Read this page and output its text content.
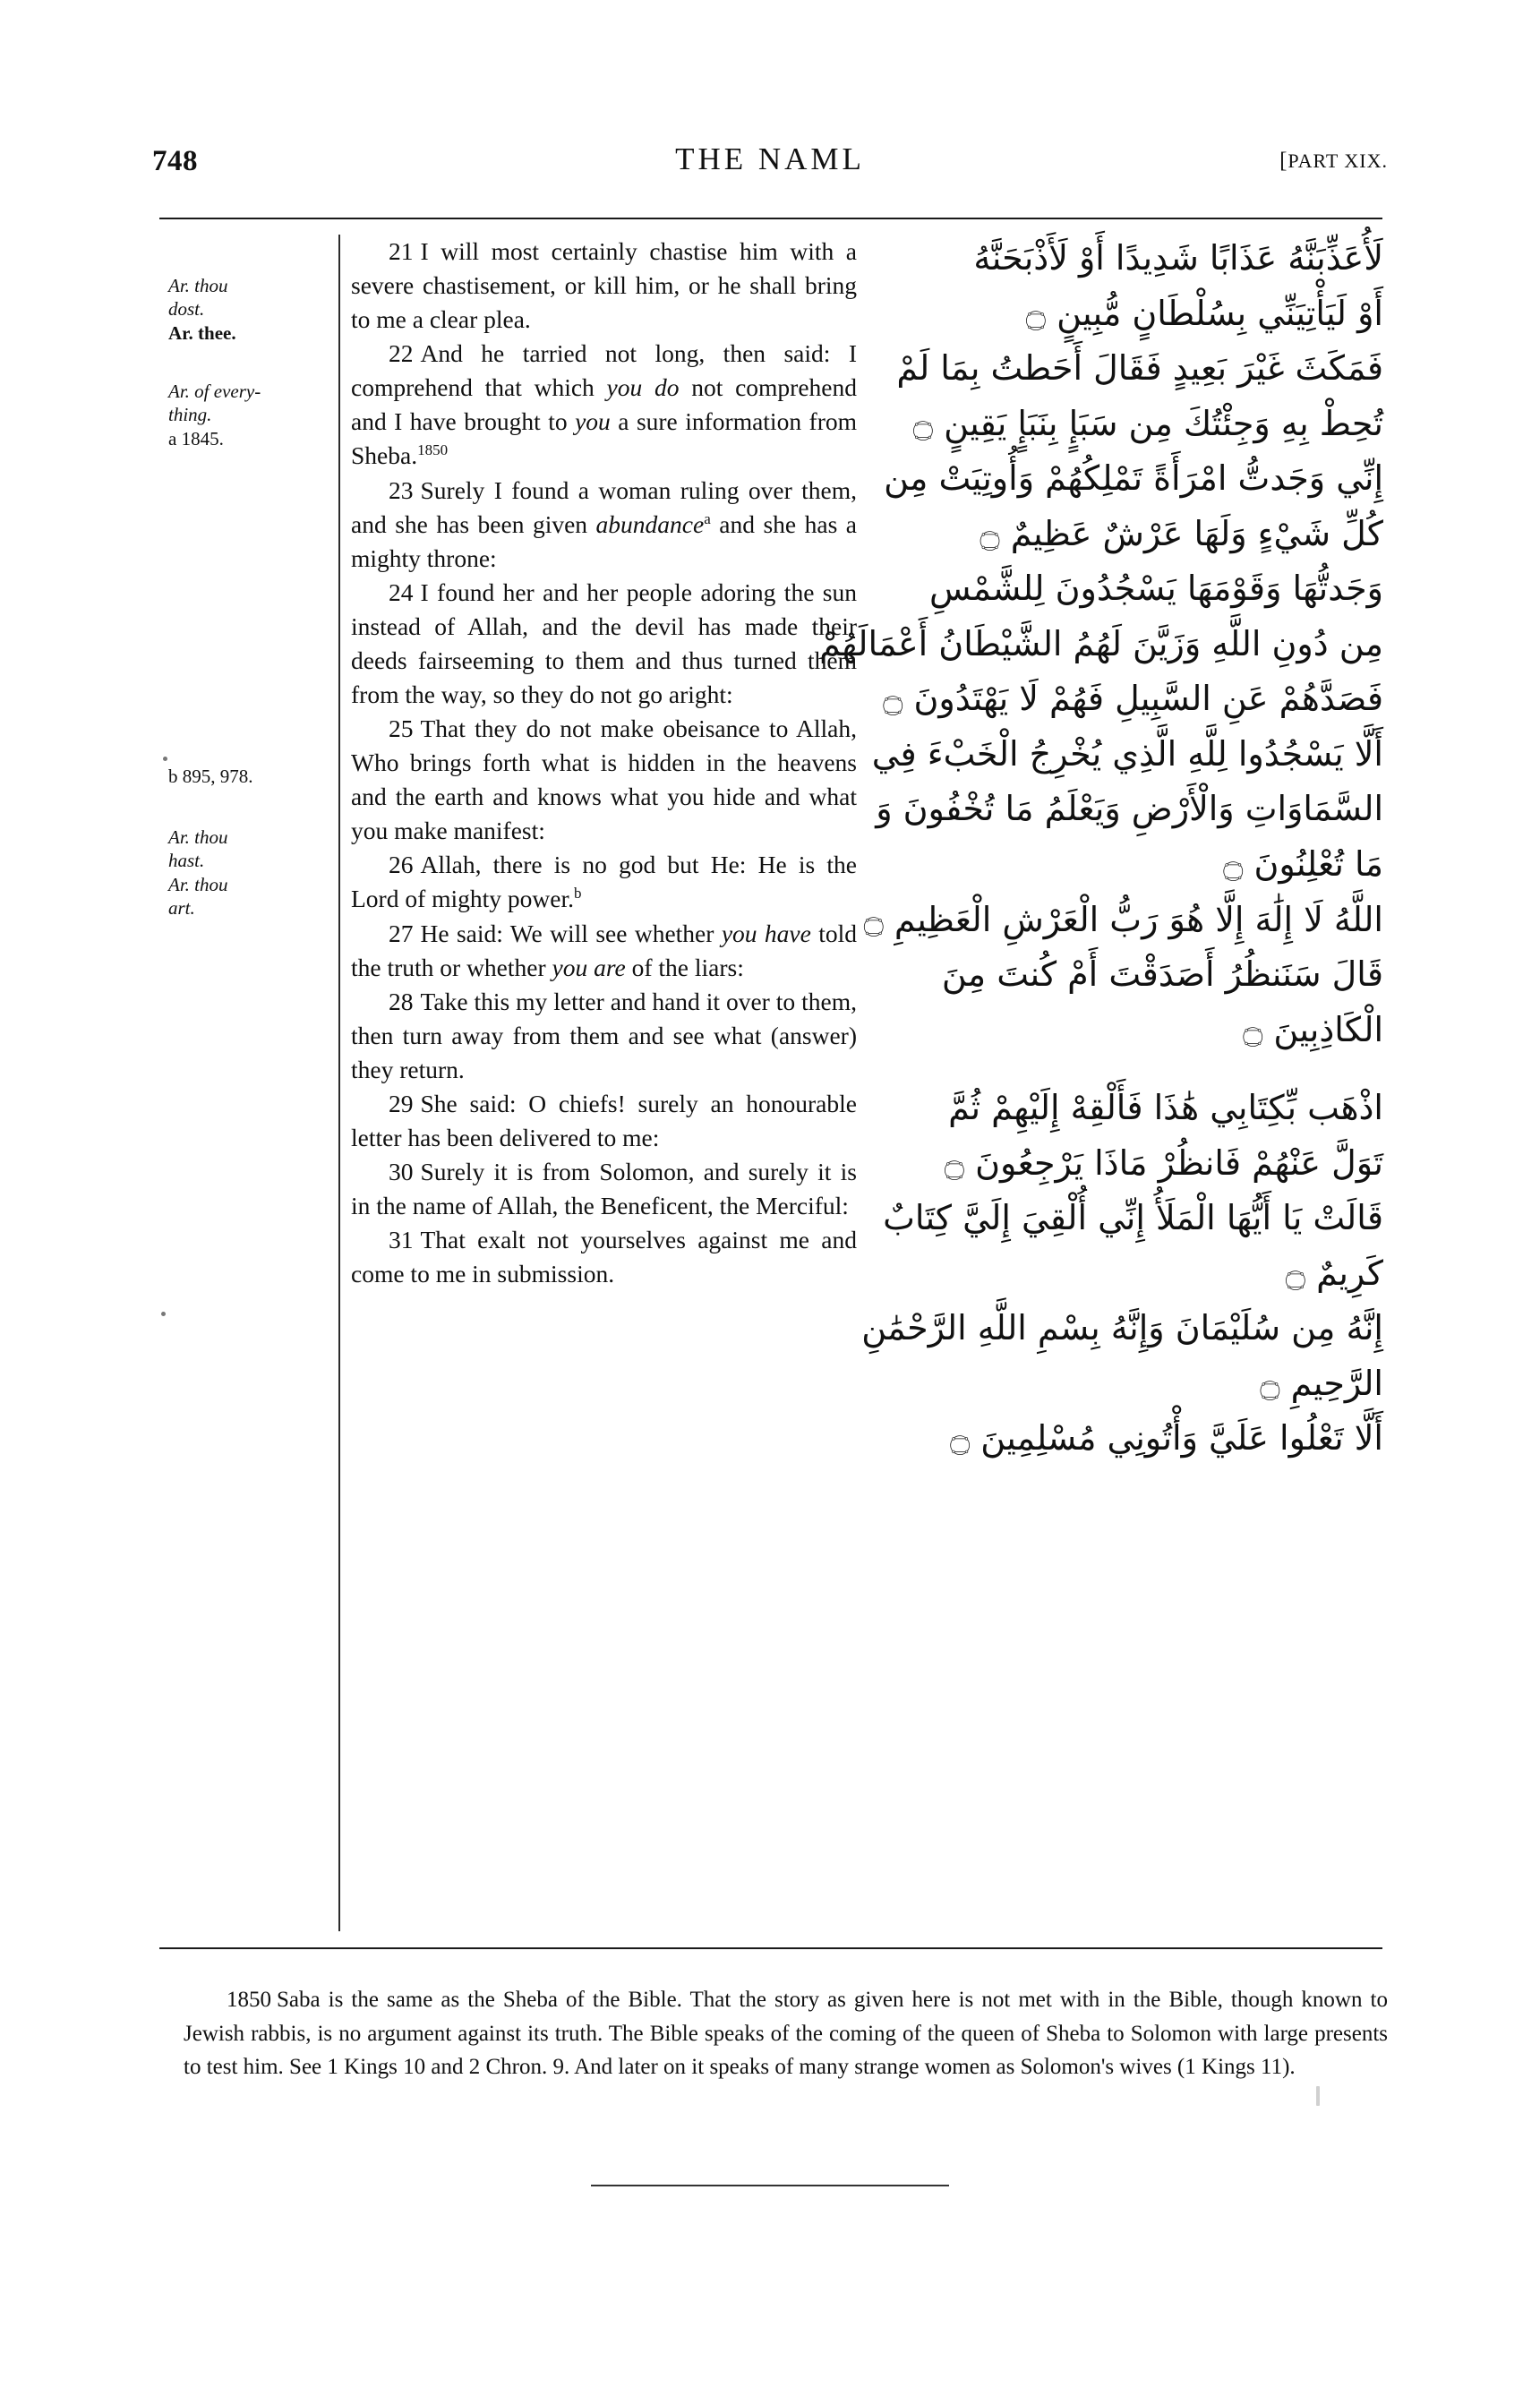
748	THE NAML	[PART XIX.
Ar. thou
dost.
Ar. thee.
Ar. of every-
thing.
a 1845.
b 895, 978.
Ar. thou
hast.
Ar. thou
art.

21 I will most certainly chastise him with a severe chastisement, or kill him, or he shall bring to me a clear plea.

22 And he tarried not long, then said: I comprehend that which you do not comprehend and I have brought to you a sure information from Sheba.$^{1850}$

23 Surely I found a woman ruling over them, and she has been given abundance$^a$ and she has a mighty throne:

24 I found her and her people adoring the sun instead of Allah, and the devil has made their deeds fairseeming to them and thus turned them from the way, so they do not go aright:

25 That they do not make obeisance to Allah, Who brings forth what is hidden in the heavens and the earth and knows what you hide and what you make manifest:

26 Allah, there is no god but He: He is the Lord of mighty power.$^b$

27 He said: We will see whether you have told the truth or whether you are of the liars:

28 Take this my letter and hand it over to them, then turn away from them and see what (answer) they return.

29 She said: O chiefs! surely an honourable letter has been delivered to me:

30 Surely it is from Solomon, and surely it is in the name of Allah, the Beneficent, the Merciful:

31 That exalt not yourselves against me and come to me in submission.

لَأُعَذِّبَنَّهُ عَذَابًا شَدِيدًا أَوْ لَأَذْبَحَنَّهُ

أَوْ لَيَأْتِيَنِّي بِسُلْطَانٍ مُّبِينٍ ۝

فَمَكَثَ غَيْرَ بَعِيدٍ فَقَالَ أَحَطتُ بِمَا لَمْ

تُحِطْ بِهِ وَجِئْتُكَ مِن سَبَإٍ بِنَبَإٍ يَقِينٍ ۝

إِنِّي وَجَدتُّ امْرَأَةً تَمْلِكُهُمْ وَأُوتِيَتْ مِن

كُلِّ شَيْءٍ وَلَهَا عَرْشٌ عَظِيمٌ ۝

وَجَدتُّهَا وَقَوْمَهَا يَسْجُدُونَ لِلشَّمْسِ

مِن دُونِ اللَّهِ وَزَيَّنَ لَهُمُ الشَّيْطَانُ أَعْمَالَهُمْ

فَصَدَّهُمْ عَنِ السَّبِيلِ فَهُمْ لَا يَهْتَدُونَ ۝

أَلَّا يَسْجُدُوا لِلَّهِ الَّذِي يُخْرِجُ الْخَبْءَ فِي

السَّمَاوَاتِ وَالْأَرْضِ وَيَعْلَمُ مَا تُخْفُونَ وَ

مَا تُعْلِنُونَ ۝

اللَّهُ لَا إِلَٰهَ إِلَّا هُوَ رَبُّ الْعَرْشِ الْعَظِيمِ ۝

قَالَ سَنَنظُرُ أَصَدَقْتَ أَمْ كُنتَ مِنَ

الْكَاذِبِينَ ۝

اذْهَب بِّكِتَابِي هَٰذَا فَأَلْقِهْ إِلَيْهِمْ ثُمَّ

تَوَلَّ عَنْهُمْ فَانظُرْ مَاذَا يَرْجِعُونَ ۝

قَالَتْ يَا أَيُّهَا الْمَلَأُ إِنِّي أُلْقِيَ إِلَيَّ كِتَابٌ

كَرِيمٌ ۝

إِنَّهُ مِن سُلَيْمَانَ وَإِنَّهُ بِسْمِ اللَّهِ الرَّحْمَٰنِ

الرَّحِيمِ ۝

أَلَّا تَعْلُوا عَلَيَّ وَأْتُونِي مُسْلِمِينَ ۝

1850 Saba is the same as the Sheba of the Bible. That the story as given here is not met with in the Bible, though known to Jewish rabbis, is no argument against its truth. The Bible speaks of the coming of the queen of Sheba to Solomon with large presents to test him. See 1 Kings 10 and 2 Chron. 9. And later on it speaks of many strange women as Solomon's wives (1 Kings 11).
